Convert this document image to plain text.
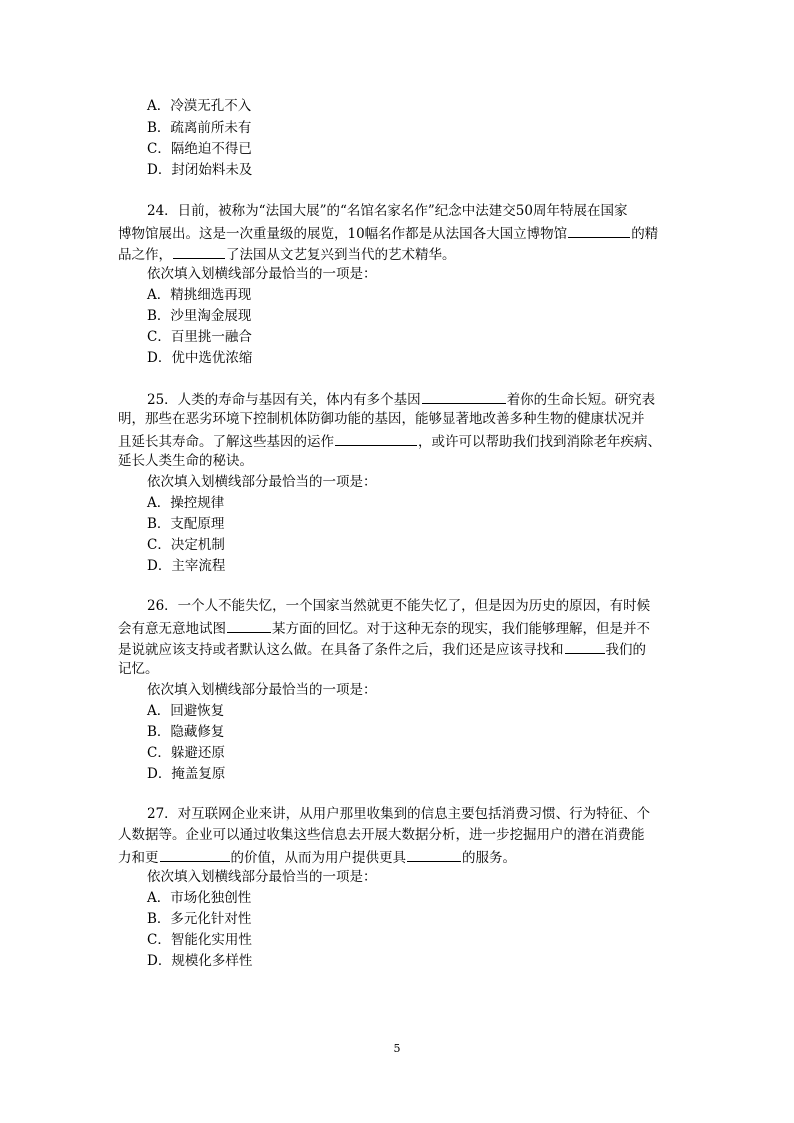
A．冷漠无孔不入
B．疏离前所未有
C．隔绝迫不得已
D．封闭始料未及
24．日前，被称为“法国大展”的“名馆名家名作”纪念中法建交50周年特展在国家
博物馆展出。这是一次重量级的展览，10幅名作都是从法国各大国立博物馆	的精
品之作，	了法国从文艺复兴到当代的艺术精华。
依次填入划横线部分最恰当的一项是：
A．精挑细选再现
B．沙里淘金展现
C．百里挑一融合
D．优中选优浓缩
25．人类的寿命与基因有关，体内有多个基因	着你的生命长短。研究表
明，那些在恶劣环境下控制机体防御功能的基因，能够显著地改善多种生物的健康状况并
且延长其寿命。了解这些基因的运作	，或许可以帮助我们找到消除老年疾病、
延长人类生命的秘诀。
依次填入划横线部分最恰当的一项是：
A．操控规律
B．支配原理
C．决定机制
D．主宰流程
26．一个人不能失忆，一个国家当然就更不能失忆了，但是因为历史的原因，有时候
会有意无意地试图	某方面的回忆。对于这种无奈的现实，我们能够理解，但是并不
是说就应该支持或者默认这么做。在具备了条件之后，我们还是应该寻找和	我们的
记忆。
依次填入划横线部分最恰当的一项是：
A．回避恢复
B．隐藏修复
C．躲避还原
D．掩盖复原
27．对互联网企业来讲，从用户那里收集到的信息主要包括消费习惯、行为特征、个
人数据等。企业可以通过收集这些信息去开展大数据分析，进一步挖掘用户的潜在消费能
力和更	的价值，从而为用户提供更具	的服务。
依次填入划横线部分最恰当的一项是：
A．市场化独创性
B．多元化针对性
C．智能化实用性
D．规模化多样性
5
